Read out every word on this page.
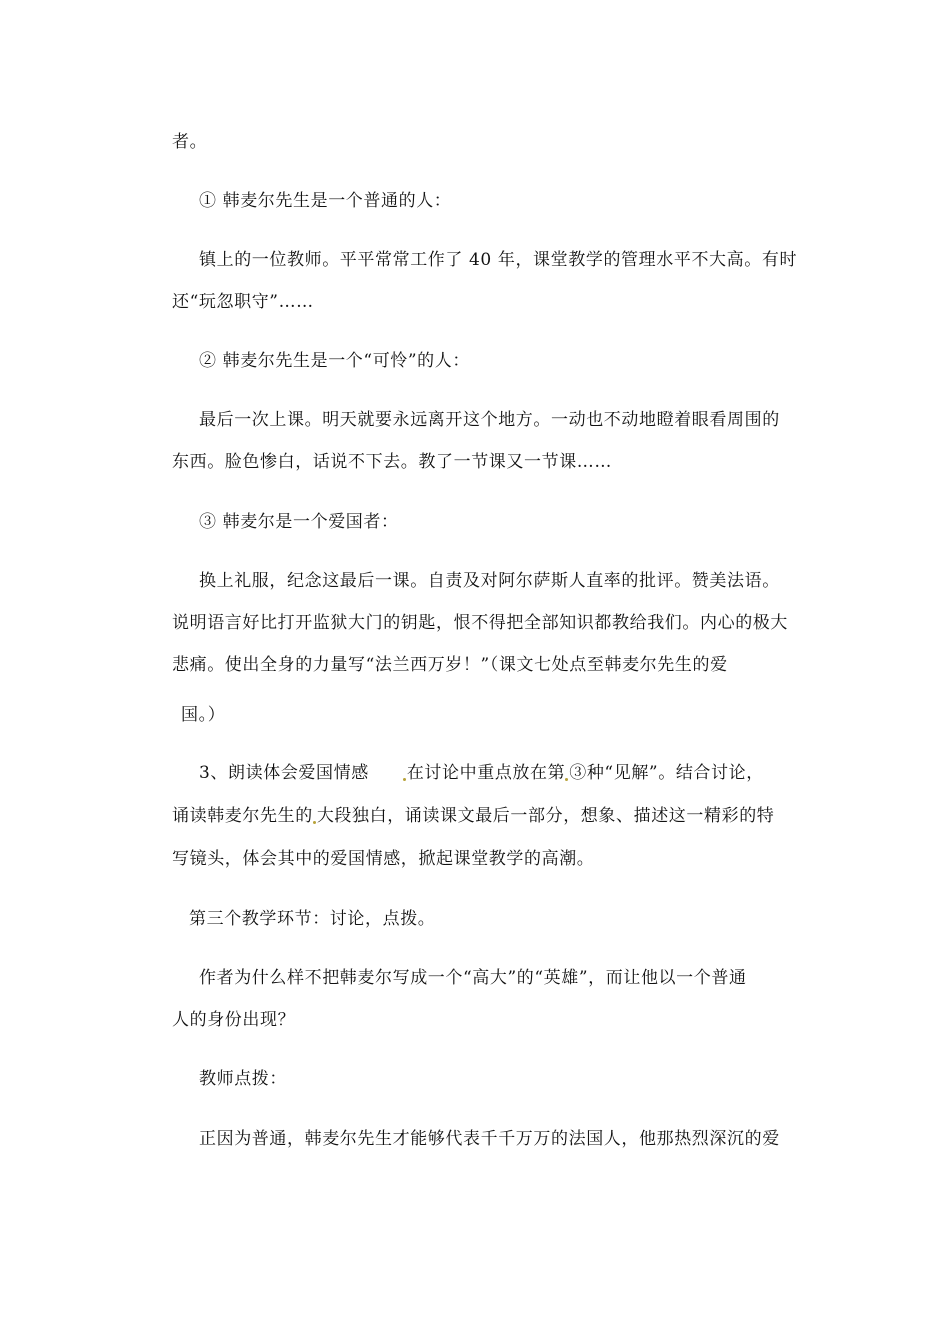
者。
① 韩麦尔先生是一个普通的人：
镇上的一位教师。平平常常工作了 40 年，课堂教学的管理水平不大高。有时
还“玩忽职守”……
② 韩麦尔先生是一个“可怜”的人：
最后一次上课。明天就要永远离开这个地方。一动也不动地瞪着眼看周围的
东西。脸色惨白，话说不下去。教了一节课又一节课……
③ 韩麦尔是一个爱国者：
换上礼服，纪念这最后一课。自责及对阿尔萨斯人直率的批评。赞美法语。
说明语言好比打开监狱大门的钥匙，恨不得把全部知识都教给我们。内心的极大
悲痛。使出全身的力量写“法兰西万岁！”（课文七处点至韩麦尔先生的爱
国。）
3、朗读体会爱国情感 在讨论中重点放在第 ③种“见解”。结合讨论，
诵读韩麦尔先生的 大段独白，诵读课文最后一部分，想象、描述这一精彩的特
写镜头，体会其中的爱国情感，掀起课堂教学的高潮。
第三个教学环节：讨论，点拨。
作者为什么样不把韩麦尔写成一个“高大”的“英雄”，而让他以一个普通
人的身份出现？
教师点拨：
正因为普通，韩麦尔先生才能够代表千千万万的法国人，他那热烈深沉的爱
